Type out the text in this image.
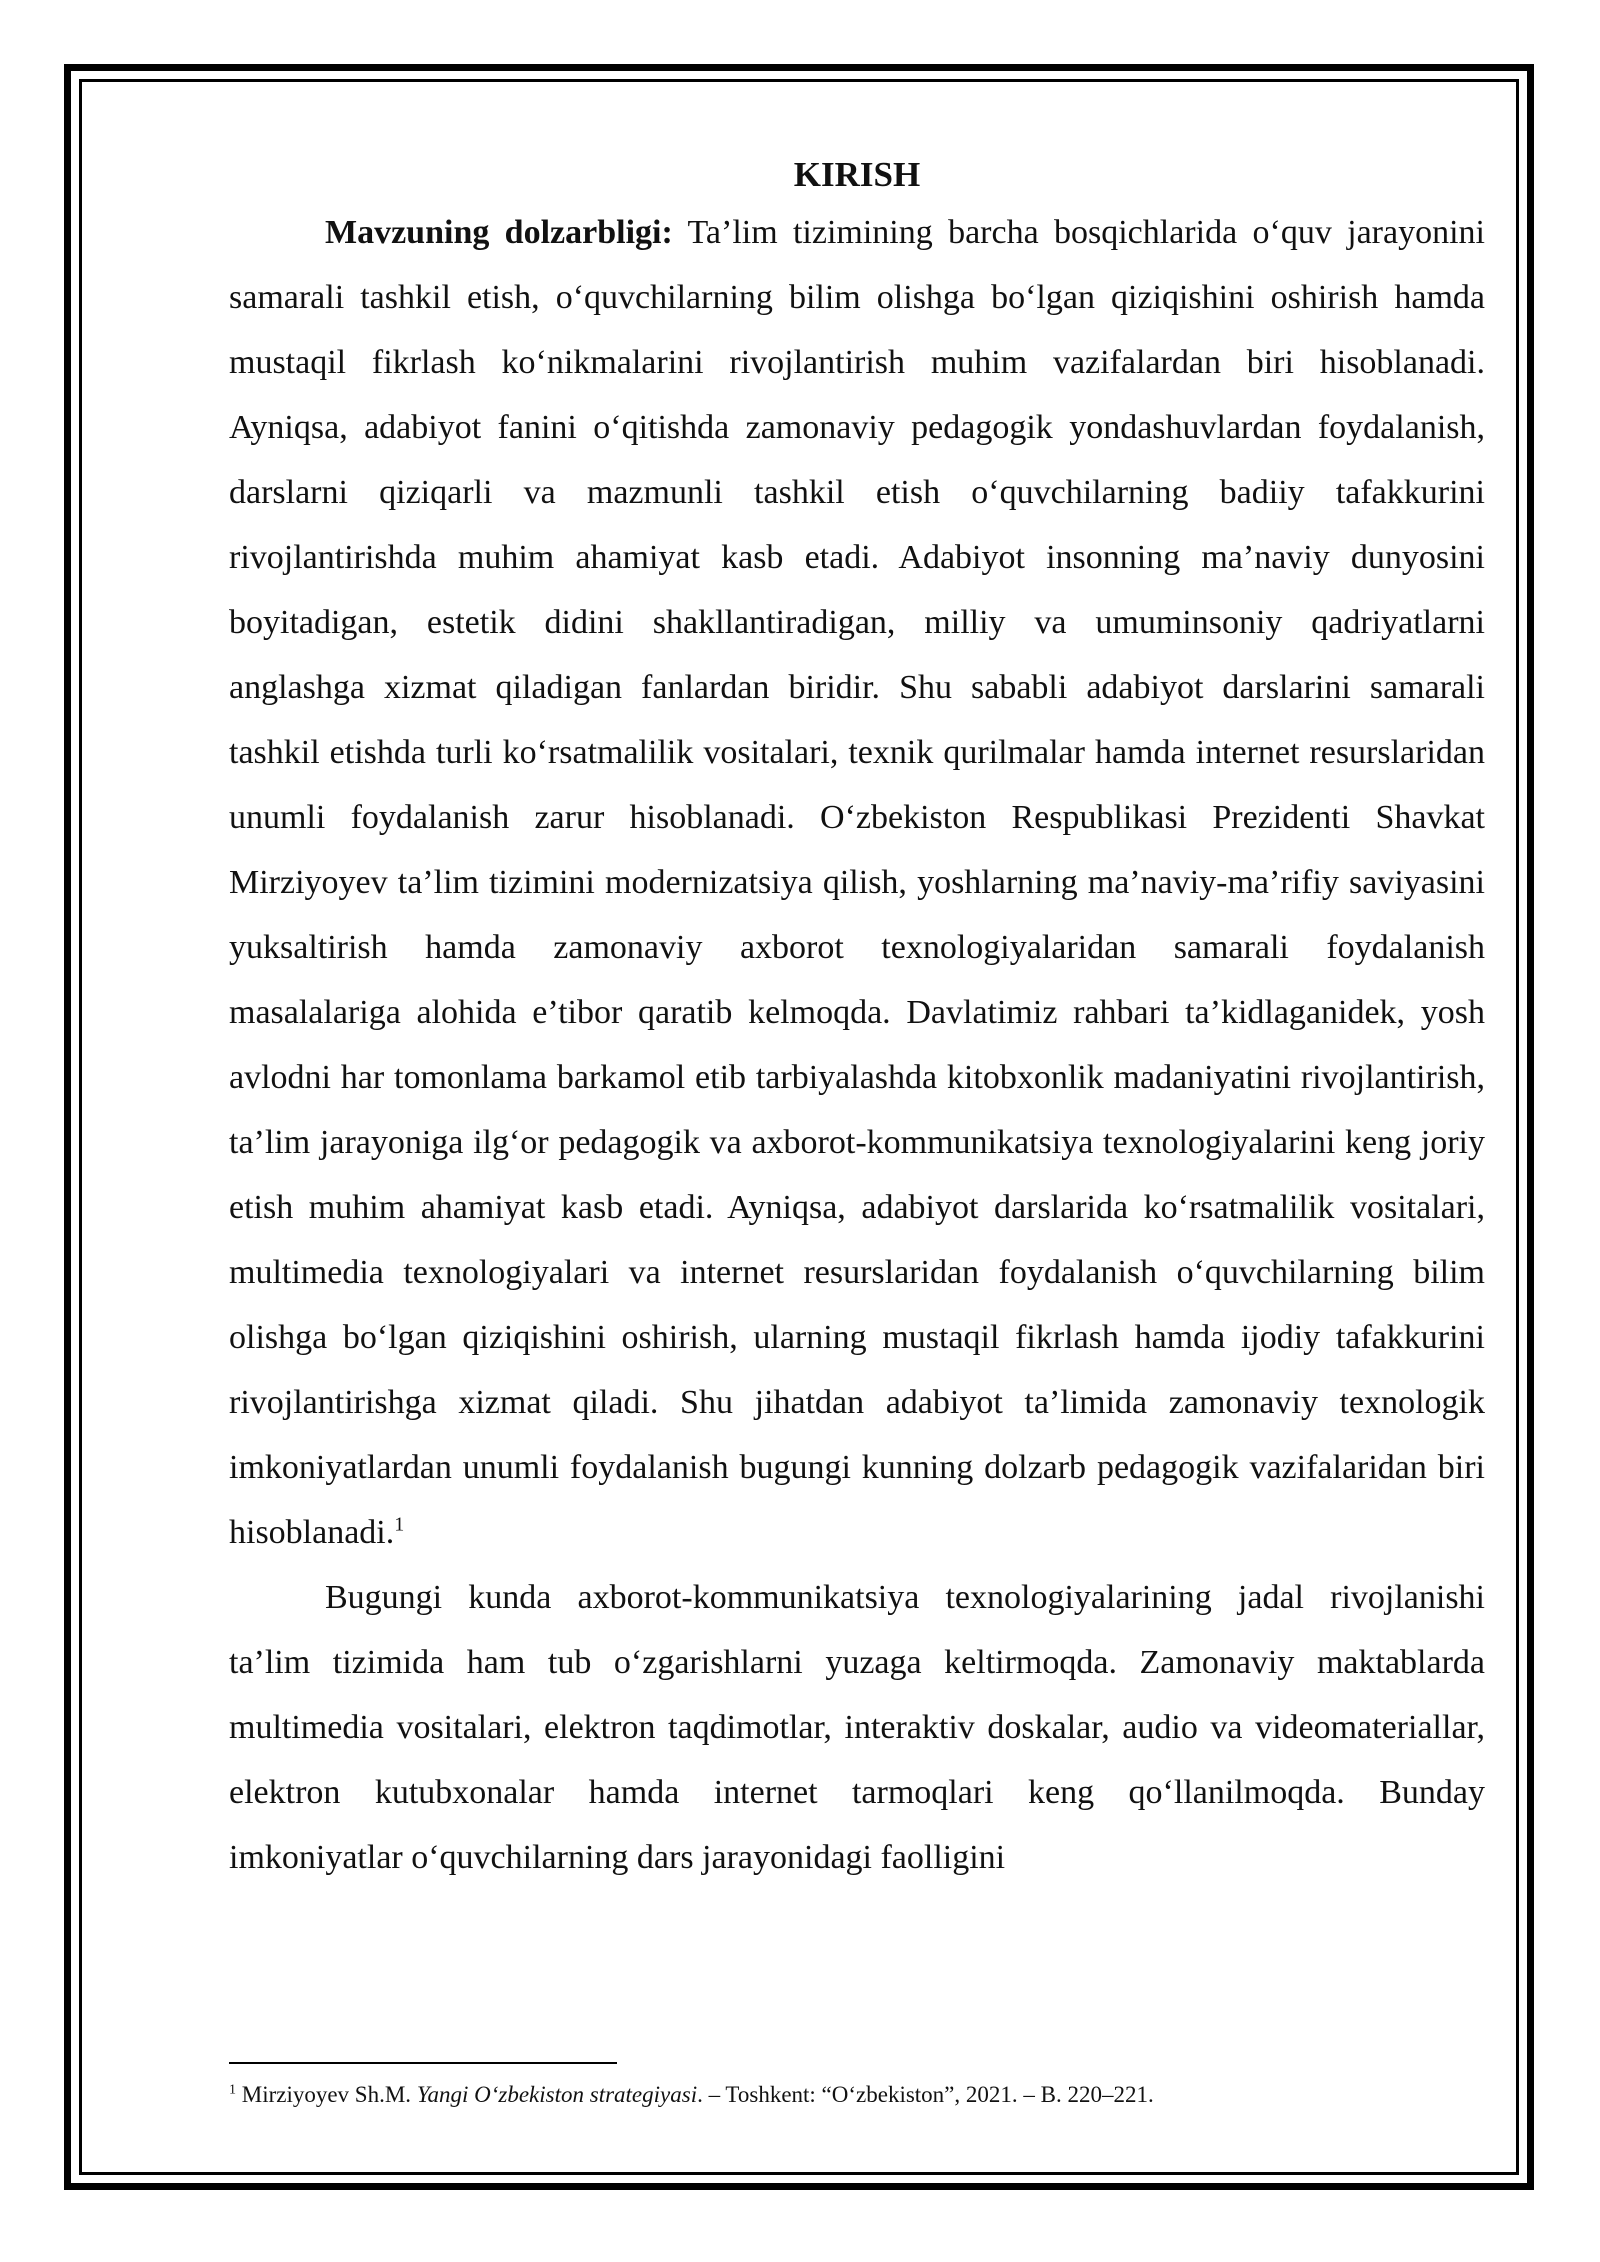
KIRISH

Mavzuning dolzarbligi: Ta’lim tizimining barcha bosqichlarida o‘quv jarayonini samarali tashkil etish, o‘quvchilarning bilim olishga bo‘lgan qiziqishini oshirish hamda mustaqil fikrlash ko‘nikmalarini rivojlantirish muhim vazifalardan biri hisoblanadi. Ayniqsa, adabiyot fanini o‘qitishda zamonaviy pedagogik yondashuvlardan foydalanish, darslarni qiziqarli va mazmunli tashkil etish o‘quvchilarning badiiy tafakkurini rivojlantirishda muhim ahamiyat kasb etadi. Adabiyot insonning ma’naviy dunyosini boyitadigan, estetik didini shakllantiradigan, milliy va umuminsoniy qadriyatlarni anglashga xizmat qiladigan fanlardan biridir. Shu sababli adabiyot darslarini samarali tashkil etishda turli ko‘rsatmalilik vositalari, texnik qurilmalar hamda internet resurslaridan unumli foydalanish zarur hisoblanadi. O‘zbekiston Respublikasi Prezidenti Shavkat Mirziyoyev ta’lim tizimini modernizatsiya qilish, yoshlarning ma’naviy-ma’rifiy saviyasini yuksaltirish hamda zamonaviy axborot texnologiyalaridan samarali foydalanish masalalariga alohida e’tibor qaratib kelmoqda. Davlatimiz rahbari ta’kidlaganidek, yosh avlodni har tomonlama barkamol etib tarbiyalashda kitobxonlik madaniyatini rivojlantirish, ta’lim jarayoniga ilg‘or pedagogik va axborot-kommunikatsiya texnologiyalarini keng joriy etish muhim ahamiyat kasb etadi. Ayniqsa, adabiyot darslarida ko‘rsatmalilik vositalari, multimedia texnologiyalari va internet resurslaridan foydalanish o‘quvchilarning bilim olishga bo‘lgan qiziqishini oshirish, ularning mustaqil fikrlash hamda ijodiy tafakkurini rivojlantirishga xizmat qiladi. Shu jihatdan adabiyot ta’limida zamonaviy texnologik imkoniyatlardan unumli foydalanish bugungi kunning dolzarb pedagogik vazifalaridan biri hisoblanadi.$^1$

Bugungi kunda axborot-kommunikatsiya texnologiyalarining jadal rivojlanishi ta’lim tizimida ham tub o‘zgarishlarni yuzaga keltirmoqda. Zamonaviy maktablarda multimedia vositalari, elektron taqdimotlar, interaktiv doskalar, audio va videomateriallar, elektron kutubxonalar hamda internet tarmoqlari keng qo‘llanilmoqda. Bunday imkoniyatlar o‘quvchilarning dars jarayonidagi faolligini

$^1$ Mirziyoyev Sh.M. Yangi O‘zbekiston strategiyasi. – Toshkent: “O‘zbekiston”, 2021. – B. 220–221.
